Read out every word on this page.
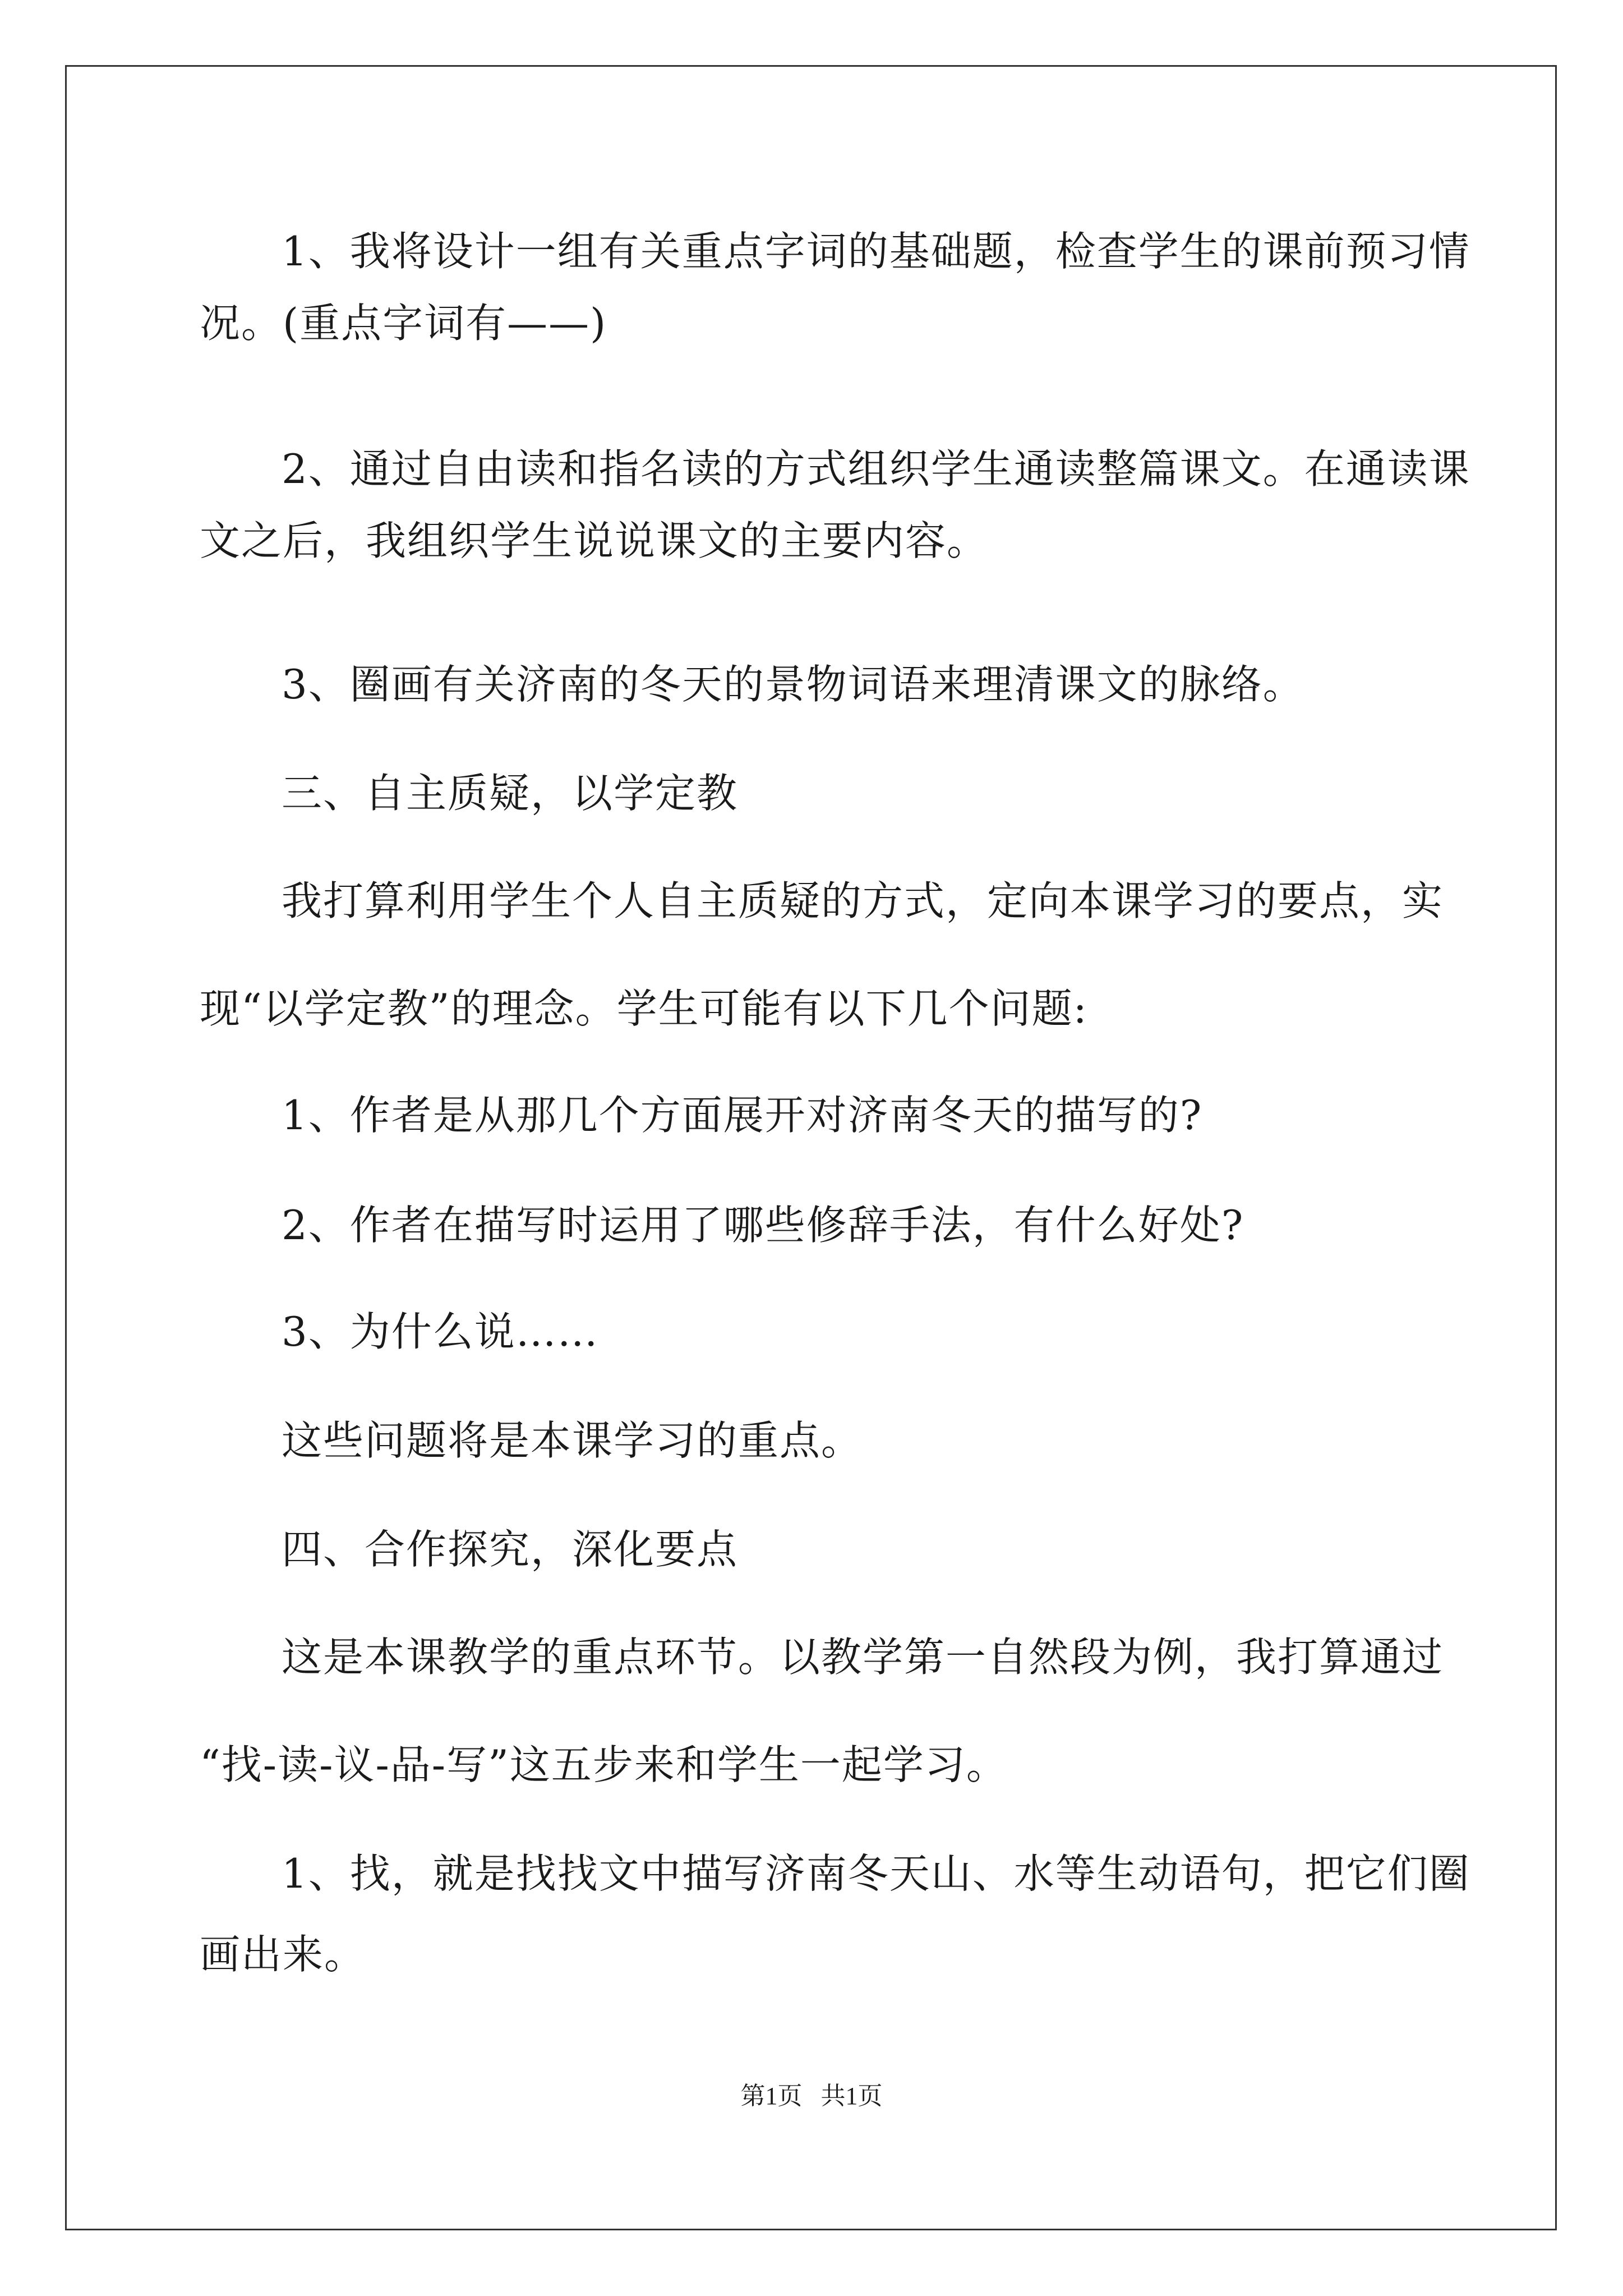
1、我将设计一组有关重点字词的基础题，检查学生的课前预习情

况。(重点字词有——)

2、通过自由读和指名读的方式组织学生通读整篇课文。在通读课

文之后，我组织学生说说课文的主要内容。

3、圈画有关济南的冬天的景物词语来理清课文的脉络。

三、自主质疑，以学定教

我打算利用学生个人自主质疑的方式，定向本课学习的要点，实

现“以学定教”的理念。学生可能有以下几个问题:

1、作者是从那几个方面展开对济南冬天的描写的?

2、作者在描写时运用了哪些修辞手法，有什么好处?

3、为什么说……

这些问题将是本课学习的重点。

四、合作探究，深化要点

这是本课教学的重点环节。以教学第一自然段为例，我打算通过

“找-读-议-品-写”这五步来和学生一起学习。

1、找，就是找找文中描写济南冬天山、水等生动语句，把它们圈

画出来。

第1页   共1页
